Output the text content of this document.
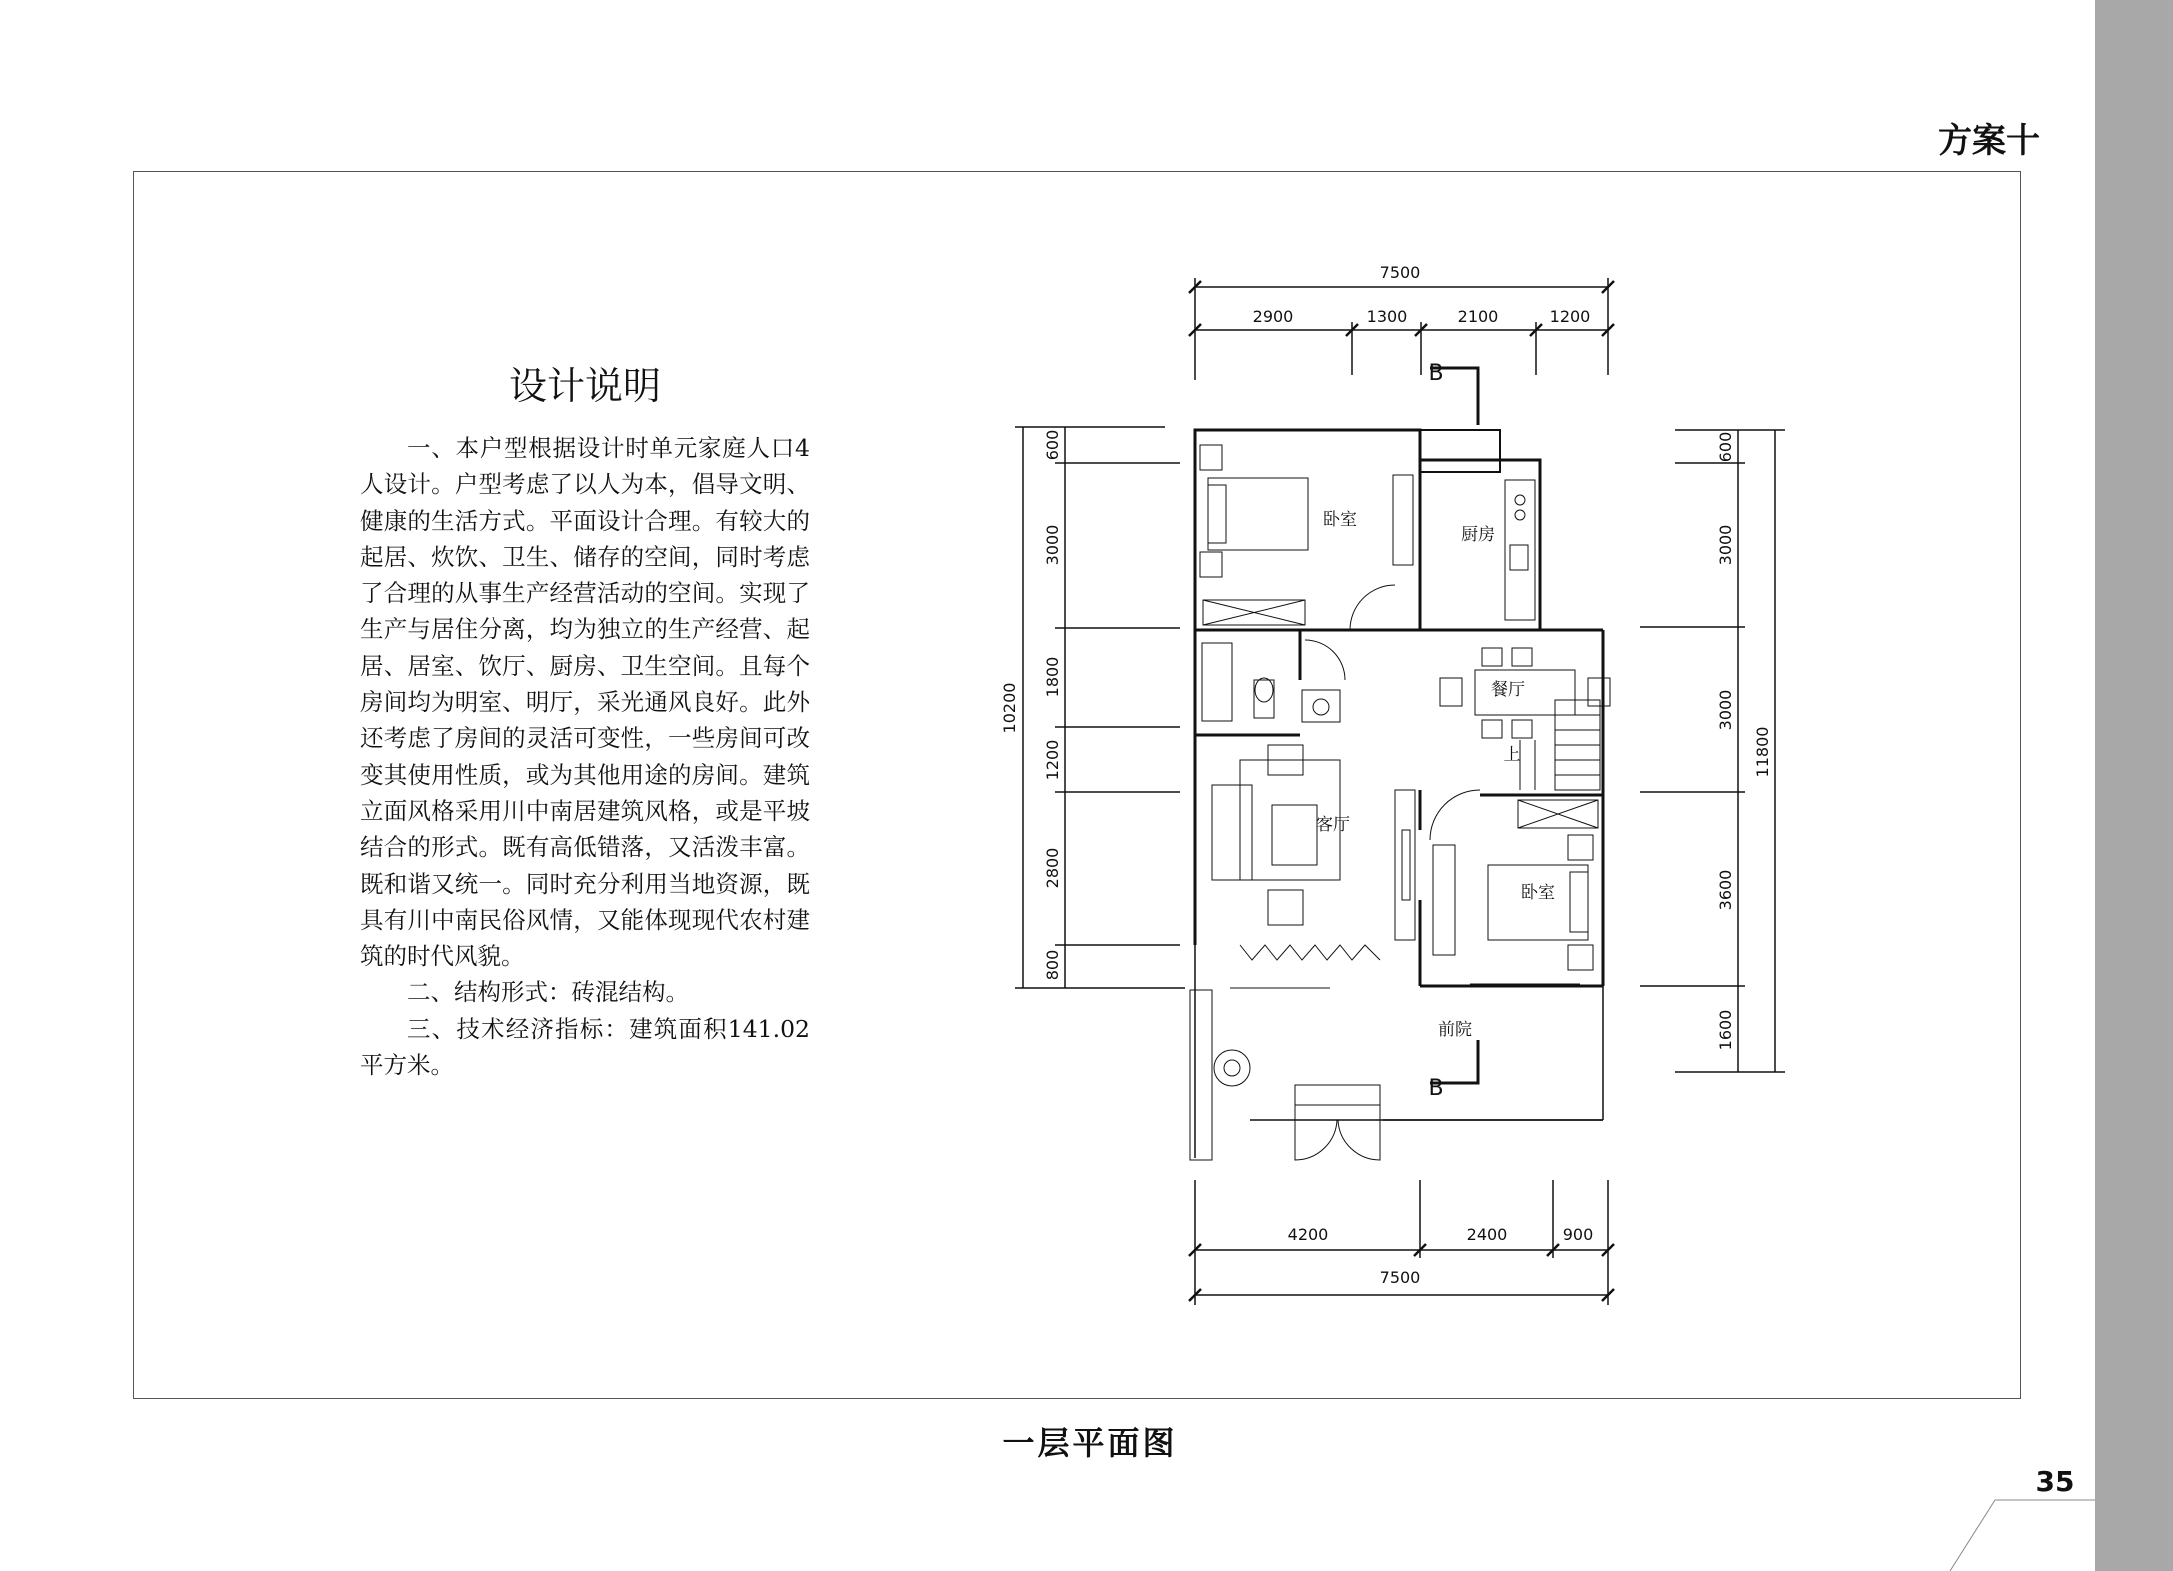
方案十
设计说明

一、本户型根据设计时单元家庭人口4人设计。户型考虑了以人为本，倡导文明、健康的生活方式。平面设计合理。有较大的起居、炊饮、卫生、储存的空间，同时考虑了合理的从事生产经营活动的空间。实现了生产与居住分离，均为独立的生产经营、起居、居室、饮厅、厨房、卫生空间。且每个房间均为明室、明厅，采光通风良好。此外还考虑了房间的灵活可变性，一些房间可改变其使用性质，或为其他用途的房间。建筑立面风格采用川中南居建筑风格，或是平坡结合的形式。既有高低错落，又活泼丰富。既和谐又统一。同时充分利用当地资源，既具有川中南民俗风情，又能体现现代农村建筑的时代风貌。

二、结构形式：砖混结构。

三、技术经济指标：建筑面积141.02平方米。

7500
2900	1300	2100	1200
4200	2400	900
7500
600
3000
1800
1200
2800
800
10200
600
3000
3000
3600
1600
11800
卧室
厨房
餐厅
客厅
卧室
前院
上
B
B
一层平面图
35
